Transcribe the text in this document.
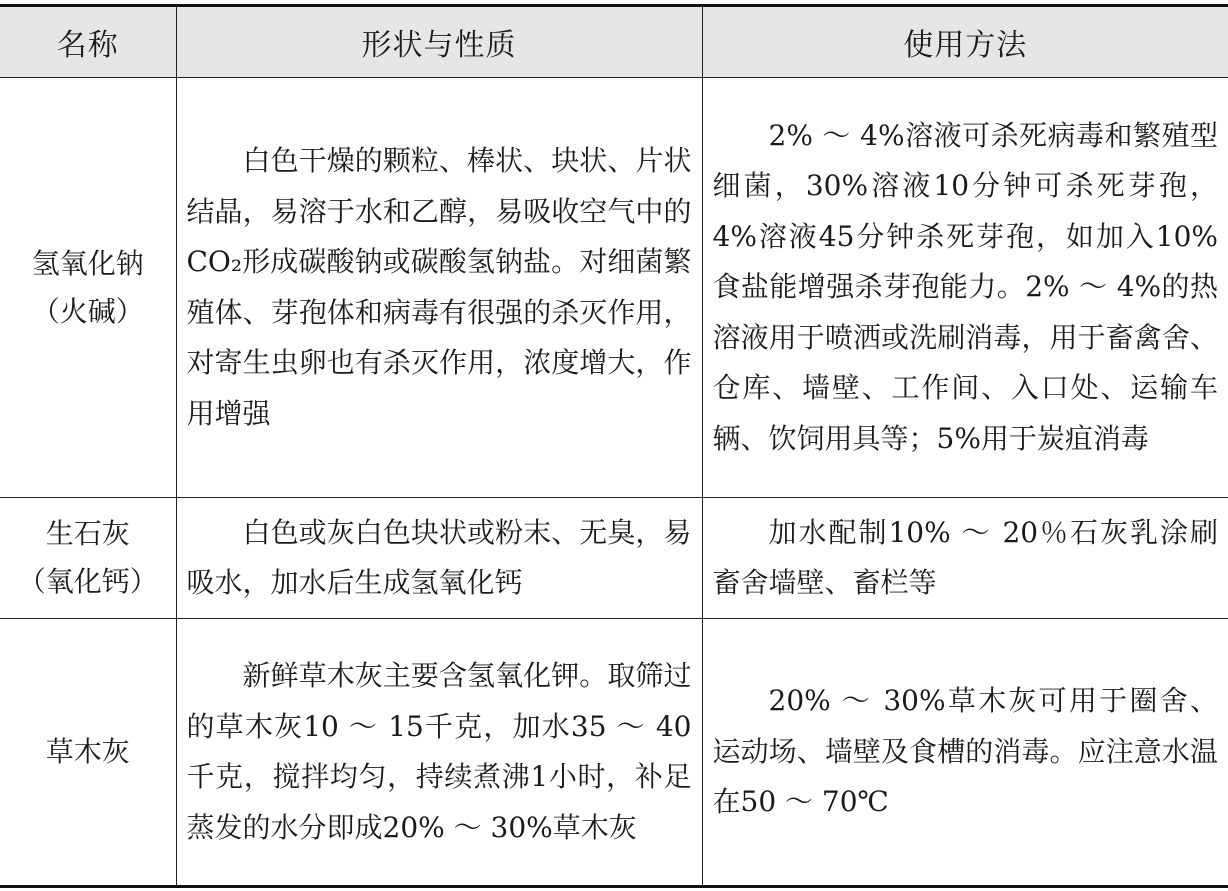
名称	形状与性质	使用方法

氢氧化钠
（火碱）	白色干燥的颗粒、棒状、块状、片状结晶，易溶于水和乙醇，易吸收空气中的CO₂形成碳酸钠或碳酸氢钠盐。对细菌繁殖体、芽孢体和病毒有很强的杀灭作用，对寄生虫卵也有杀灭作用，浓度增大，作用增强	2% ～ 4%溶液可杀死病毒和繁殖型细菌，30%溶液10分钟可杀死芽孢，4%溶液45分钟杀死芽孢，如加入10%食盐能增强杀芽孢能力。2% ～ 4%的热溶液用于喷洒或洗刷消毒，用于畜禽舍、仓库、墙壁、工作间、入口处、运输车辆、饮饲用具等；5%用于炭疽消毒

生石灰
（氧化钙）	白色或灰白色块状或粉末、无臭，易吸水，加水后生成氢氧化钙	加水配制10% ～ 20％石灰乳涂刷畜舍墙壁、畜栏等

草木灰	新鲜草木灰主要含氢氧化钾。取筛过的草木灰10 ～ 15千克，加水35 ～ 40千克，搅拌均匀，持续煮沸1小时，补足蒸发的水分即成20% ～ 30%草木灰	20% ～ 30%草木灰可用于圈舍、运动场、墙壁及食槽的消毒。应注意水温在50 ～ 70℃
